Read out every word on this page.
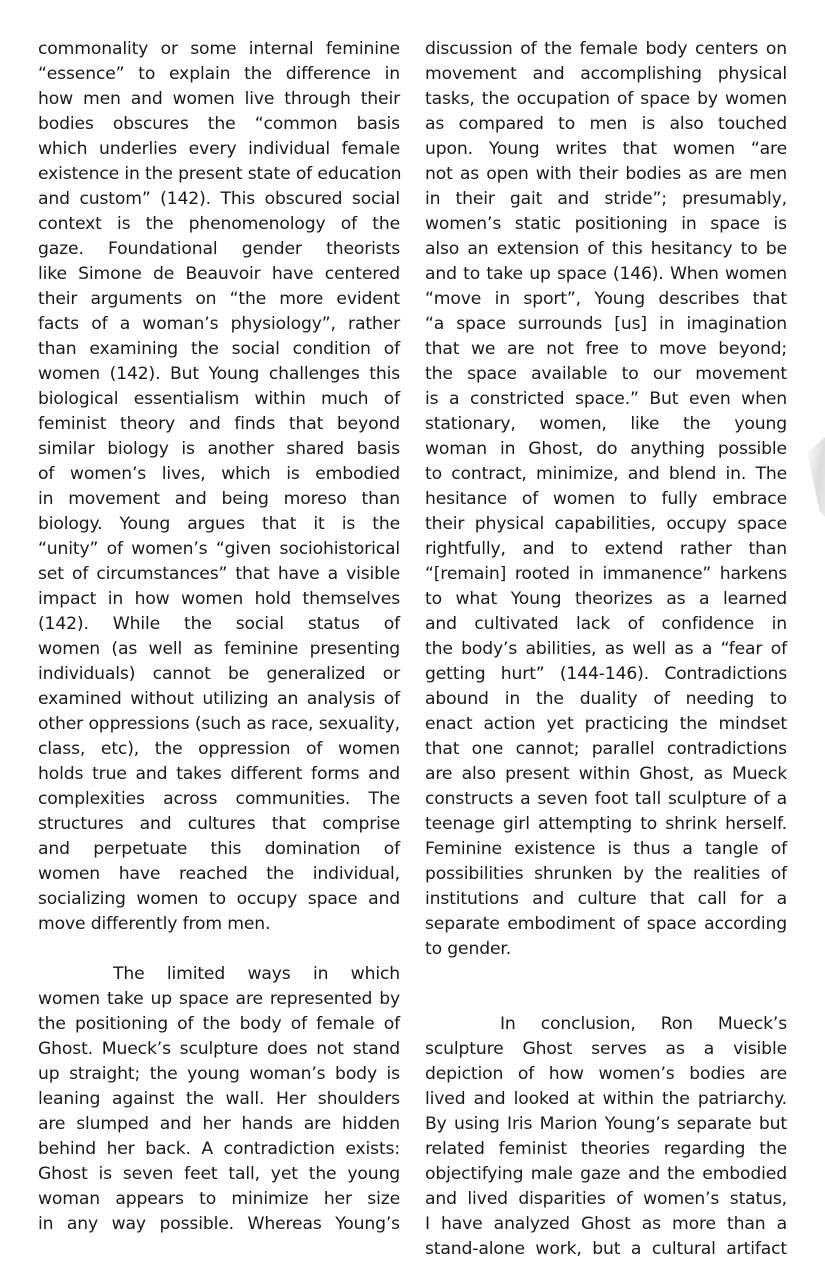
commonality or some internal feminine
“essence” to explain the difference in
how men and women live through their
bodies obscures the “common basis
which underlies every individual female
existence in the present state of education
and custom” (142). This obscured social
context is the phenomenology of the
gaze. Foundational gender theorists
like Simone de Beauvoir have centered
their arguments on “the more evident
facts of a woman’s physiology”, rather
than examining the social condition of
women (142). But Young challenges this
biological essentialism within much of
feminist theory and finds that beyond
similar biology is another shared basis
of women’s lives, which is embodied
in movement and being moreso than
biology. Young argues that it is the
“unity” of women’s “given sociohistorical
set of circumstances” that have a visible
impact in how women hold themselves
(142). While the social status of
women (as well as feminine presenting
individuals) cannot be generalized or
examined without utilizing an analysis of
other oppressions (such as race, sexuality,
class, etc), the oppression of women
holds true and takes different forms and
complexities across communities. The
structures and cultures that comprise
and perpetuate this domination of
women have reached the individual,
socializing women to occupy space and
move differently from men.
The limited ways in which
women take up space are represented by
the positioning of the body of female of
Ghost. Mueck’s sculpture does not stand
up straight; the young woman’s body is
leaning against the wall. Her shoulders
are slumped and her hands are hidden
behind her back. A contradiction exists:
Ghost is seven feet tall, yet the young
woman appears to minimize her size
in any way possible. Whereas Young’s
discussion of the female body centers on
movement and accomplishing physical
tasks, the occupation of space by women
as compared to men is also touched
upon. Young writes that women “are
not as open with their bodies as are men
in their gait and stride”; presumably,
women’s static positioning in space is
also an extension of this hesitancy to be
and to take up space (146). When women
“move in sport”, Young describes that
“a space surrounds [us] in imagination
that we are not free to move beyond;
the space available to our movement
is a constricted space.” But even when
stationary, women, like the young
woman in Ghost, do anything possible
to contract, minimize, and blend in. The
hesitance of women to fully embrace
their physical capabilities, occupy space
rightfully, and to extend rather than
“[remain] rooted in immanence” harkens
to what Young theorizes as a learned
and cultivated lack of confidence in
the body’s abilities, as well as a “fear of
getting hurt” (144-146). Contradictions
abound in the duality of needing to
enact action yet practicing the mindset
that one cannot; parallel contradictions
are also present within Ghost, as Mueck
constructs a seven foot tall sculpture of a
teenage girl attempting to shrink herself.
Feminine existence is thus a tangle of
possibilities shrunken by the realities of
institutions and culture that call for a
separate embodiment of space according
to gender.
In conclusion, Ron Mueck’s
sculpture Ghost serves as a visible
depiction of how women’s bodies are
lived and looked at within the patriarchy.
By using Iris Marion Young’s separate but
related feminist theories regarding the
objectifying male gaze and the embodied
and lived disparities of women’s status,
I have analyzed Ghost as more than a
stand-alone work, but a cultural artifact
